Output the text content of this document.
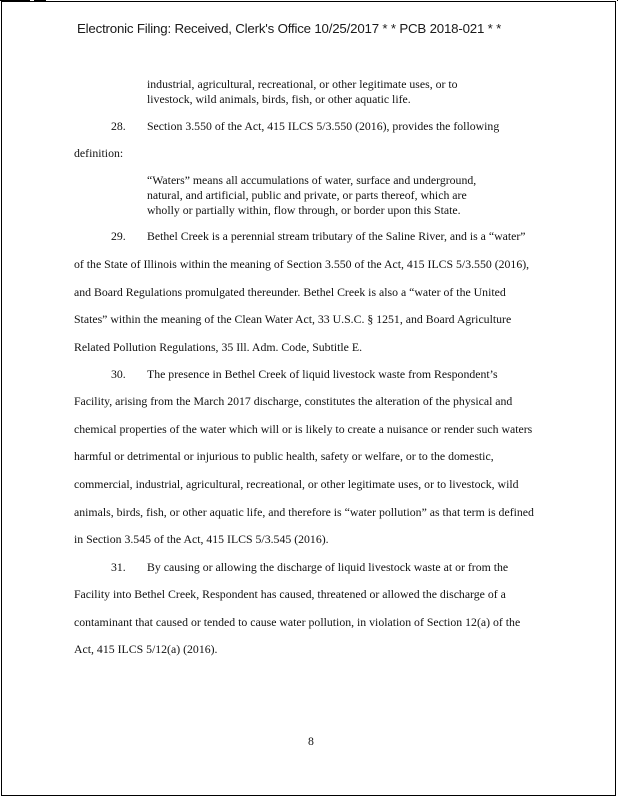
Electronic Filing: Received, Clerk's Office 10/25/2017 * * PCB 2018-021 * *
industrial, agricultural, recreational, or other legitimate uses, or to
livestock, wild animals, birds, fish, or other aquatic life.
28. Section 3.550 of the Act, 415 ILCS 5/3.550 (2016), provides the following
definition:
“Waters” means all accumulations of water, surface and underground,
natural, and artificial, public and private, or parts thereof, which are
wholly or partially within, flow through, or border upon this State.
29. Bethel Creek is a perennial stream tributary of the Saline River, and is a “water”
of the State of Illinois within the meaning of Section 3.550 of the Act, 415 ILCS 5/3.550 (2016),
and Board Regulations promulgated thereunder. Bethel Creek is also a “water of the United
States” within the meaning of the Clean Water Act, 33 U.S.C. § 1251, and Board Agriculture
Related Pollution Regulations, 35 Ill. Adm. Code, Subtitle E.
30. The presence in Bethel Creek of liquid livestock waste from Respondent’s
Facility, arising from the March 2017 discharge, constitutes the alteration of the physical and
chemical properties of the water which will or is likely to create a nuisance or render such waters
harmful or detrimental or injurious to public health, safety or welfare, or to the domestic,
commercial, industrial, agricultural, recreational, or other legitimate uses, or to livestock, wild
animals, birds, fish, or other aquatic life, and therefore is “water pollution” as that term is defined
in Section 3.545 of the Act, 415 ILCS 5/3.545 (2016).
31. By causing or allowing the discharge of liquid livestock waste at or from the
Facility into Bethel Creek, Respondent has caused, threatened or allowed the discharge of a
contaminant that caused or tended to cause water pollution, in violation of Section 12(a) of the
Act, 415 ILCS 5/12(a) (2016).
8
